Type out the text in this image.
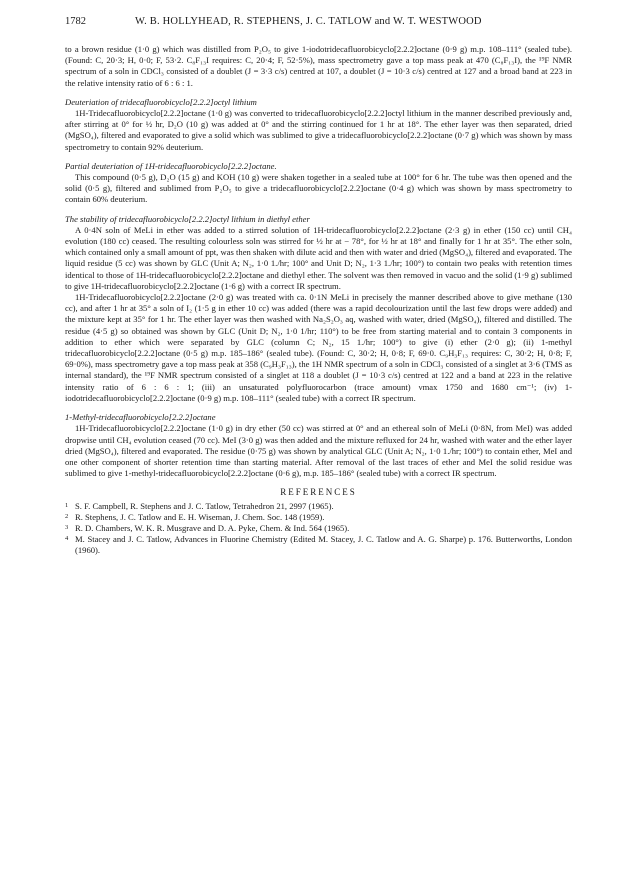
1782	W. B. HOLLYHEAD, R. STEPHENS, J. C. TATLOW and W. T. WESTWOOD

to a brown residue (1·0 g) which was distilled from P₂O₅ to give 1-iodotridecafluorobicyclo[2.2.2]octane (0·9 g) m.p. 108–111° (sealed tube). (Found: C, 20·3; H, 0·0; F, 53·2. C₈F₁₃I requires: C, 20·4; F, 52·5%), mass spectrometry gave a top mass peak at 470 (C₈F₁₃I), the ¹⁹F NMR spectrum of a soln in CDCl₃ consisted of a doublet (J = 3·3 c/s) centred at 107, a doublet (J = 10·3 c/s) centred at 127 and a broad band at 223 in the relative intensity ratio of 6 : 6 : 1.

Deuteriation of tridecafluorobicyclo[2.2.2]octyl lithium

1H-Tridecafluorobicyclo[2.2.2]octane (1·0 g) was converted to tridecafluorobicyclo[2.2.2]octyl lithium in the manner described previously and, after stirring at 0° for ½ hr, D₂O (10 g) was added at 0° and the stirring continued for 1 hr at 18°. The ether layer was then separated, dried (MgSO₄), filtered and evaporated to give a solid which was sublimed to give a tridecafluorobicyclo[2.2.2]octane (0·7 g) which was shown by mass spectrometry to contain 92% deuterium.

Partial deuteriation of 1H-tridecafluorobicyclo[2.2.2]octane.

This compound (0·5 g), D₂O (15 g) and KOH (10 g) were shaken together in a sealed tube at 100° for 6 hr. The tube was then opened and the solid (0·5 g), filtered and sublimed from P₂O₅ to give a tridecafluorobicyclo[2.2.2]octane (0·4 g) which was shown by mass spectrometry to contain 60% deuterium.

The stability of tridecafluorobicyclo[2.2.2]octyl lithium in diethyl ether

A 0·4N soln of MeLi in ether was added to a stirred solution of 1H-tridecafluorobicyclo[2.2.2]octane (2·3 g) in ether (150 cc) until CH₄ evolution (180 cc) ceased. The resulting colourless soln was stirred for ½ hr at − 78°, for ½ hr at 18° and finally for 1 hr at 35°. The ether soln, which contained only a small amount of ppt, was then shaken with dilute acid and then with water and dried (MgSO₄), filtered and evaporated. The liquid residue (5 cc) was shown by GLC (Unit A; N₂, 1·0 1./hr; 100° and Unit D; N₂, 1·3 1./hr; 100°) to contain two peaks with retention times identical to those of 1H-tridecafluorobicyclo[2.2.2]octane and diethyl ether. The solvent was then removed in vacuo and the solid (1·9 g) sublimed to give 1H-tridecafluorobicyclo[2.2.2]octane (1·6 g) with a correct IR spectrum.

1H-Tridecafluorobicyclo[2.2.2]octane (2·0 g) was treated with ca. 0·1N MeLi in precisely the manner described above to give methane (130 cc), and after 1 hr at 35° a soln of I₂ (1·5 g in ether 10 cc) was added (there was a rapid decolourization until the last few drops were added) and the mixture kept at 35° for 1 hr. The ether layer was then washed with Na₂S₂O₃ aq, washed with water, dried (MgSO₄), filtered and distilled. The residue (4·5 g) so obtained was shown by GLC (Unit D; N₂, 1·0 1/hr; 110°) to be free from starting material and to contain 3 components in addition to ether which were separated by GLC (column C; N₂, 15 1./hr; 100°) to give (i) ether (2·0 g); (ii) 1-methyl tridecafluorobicyclo[2.2.2]octane (0·5 g) m.p. 185–186° (sealed tube). (Found: C, 30·2; H, 0·8; F, 69·0. C₉H₃F₁₃ requires: C, 30·2; H, 0·8; F, 69·0%), mass spectrometry gave a top mass peak at 358 (C₉H₃F₁₃), the 1H NMR spectrum of a soln in CDCl₃ consisted of a singlet at 3·6 (TMS as internal standard), the ¹⁹F NMR spectrum consisted of a singlet at 118 a doublet (J = 10·3 c/s) centred at 122 and a band at 223 in the relative intensity ratio of 6 : 6 : 1; (iii) an unsaturated polyfluorocarbon (trace amount) νmax 1750 and 1680 cm⁻¹; (iv) 1-iodotridecafluorobicyclo[2.2.2]octane (0·9 g) m.p. 108–111° (sealed tube) with a correct IR spectrum.

1-Methyl-tridecafluorobicyclo[2.2.2]octane

1H-Tridecafluorobicyclo[2.2.2]octane (1·0 g) in dry ether (50 cc) was stirred at 0° and an ethereal soln of MeLi (0·8N, from MeI) was added dropwise until CH₄ evolution ceased (70 cc). MeI (3·0 g) was then added and the mixture refluxed for 24 hr, washed with water and the ether layer dried (MgSO₄), filtered and evaporated. The residue (0·75 g) was shown by analytical GLC (Unit A; N₂, 1·0 1./hr; 100°) to contain ether, MeI and one other component of shorter retention time than starting material. After removal of the last traces of ether and MeI the solid residue was sublimed to give 1-methyl-tridecafluorobicyclo[2.2.2]octane (0·6 g), m.p. 185–186° (sealed tube) with a correct IR spectrum.

REFERENCES

1 S. F. Campbell, R. Stephens and J. C. Tatlow, Tetrahedron 21, 2997 (1965).
2 R. Stephens, J. C. Tatlow and E. H. Wiseman, J. Chem. Soc. 148 (1959).
3 R. D. Chambers, W. K. R. Musgrave and D. A. Pyke, Chem. & Ind. 564 (1965).
4 M. Stacey and J. C. Tatlow, Advances in Fluorine Chemistry (Edited M. Stacey, J. C. Tatlow and A. G. Sharpe) p. 176. Butterworths, London (1960).
